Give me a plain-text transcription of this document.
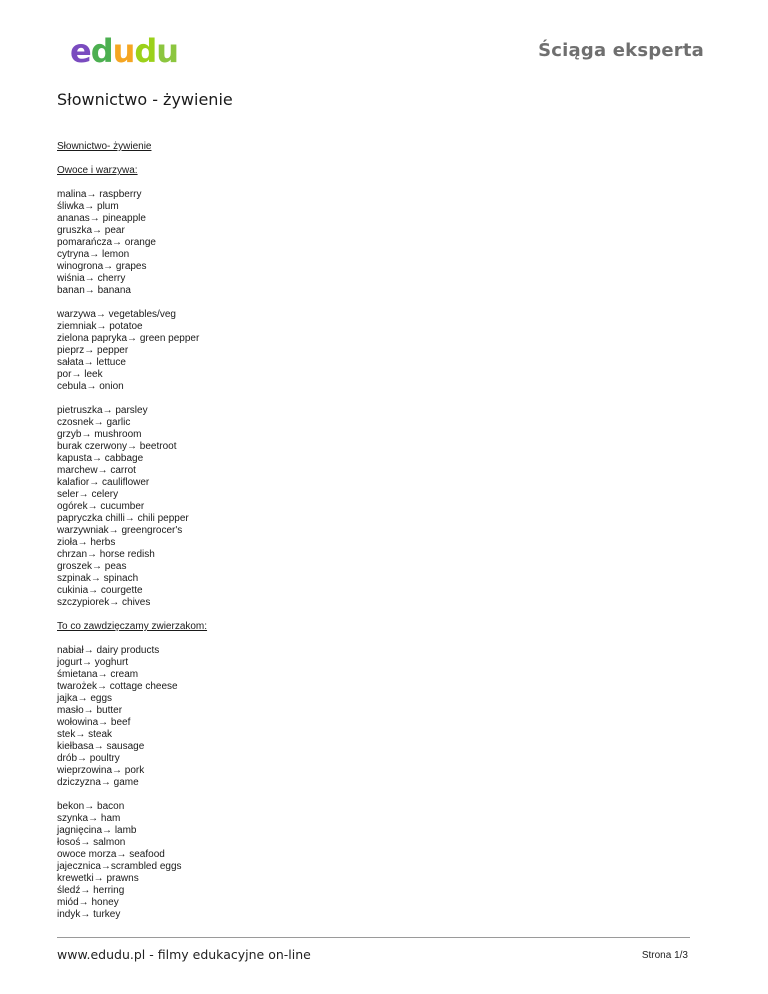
edudu	Ściąga eksperta
Słownictwo - żywienie
Słownictwo- żywienie
Owoce i warzywa:
malina→ raspberry
śliwka→ plum
ananas→ pineapple
gruszka→ pear
pomarańcza→ orange
cytryna→ lemon
winogrona→ grapes
wiśnia→ cherry
banan→ banana
warzywa→ vegetables/veg
ziemniak→ potatoe
zielona papryka→ green pepper
pieprz→ pepper
sałata→ lettuce
por→ leek
cebula→ onion
pietruszka→ parsley
czosnek→ garlic
grzyb→ mushroom
burak czerwony→ beetroot
kapusta→ cabbage
marchew→ carrot
kalafior→ cauliflower
seler→ celery
ogórek→ cucumber
papryczka chilli→ chili pepper
warzywniak→ greengrocer's
zioła→ herbs
chrzan→ horse redish
groszek→ peas
szpinak→ spinach
cukinia→ courgette
szczypiorek→ chives
To co zawdzięczamy zwierzakom:
nabiał→ dairy products
jogurt→ yoghurt
śmietana→ cream
twarożek→ cottage cheese
jajka→ eggs
masło→ butter
wołowina→ beef
stek→ steak
kiełbasa→ sausage
drób→ poultry
wieprzowina→ pork
dziczyzna→ game
bekon→ bacon
szynka→ ham
jagnięcina→ lamb
łosoś→ salmon
owoce morza→ seafood
jajecznica→scrambled eggs
krewetki→ prawns
śledź→ herring
miód→ honey
indyk→ turkey
www.edudu.pl - filmy edukacyjne on-line	Strona 1/3
